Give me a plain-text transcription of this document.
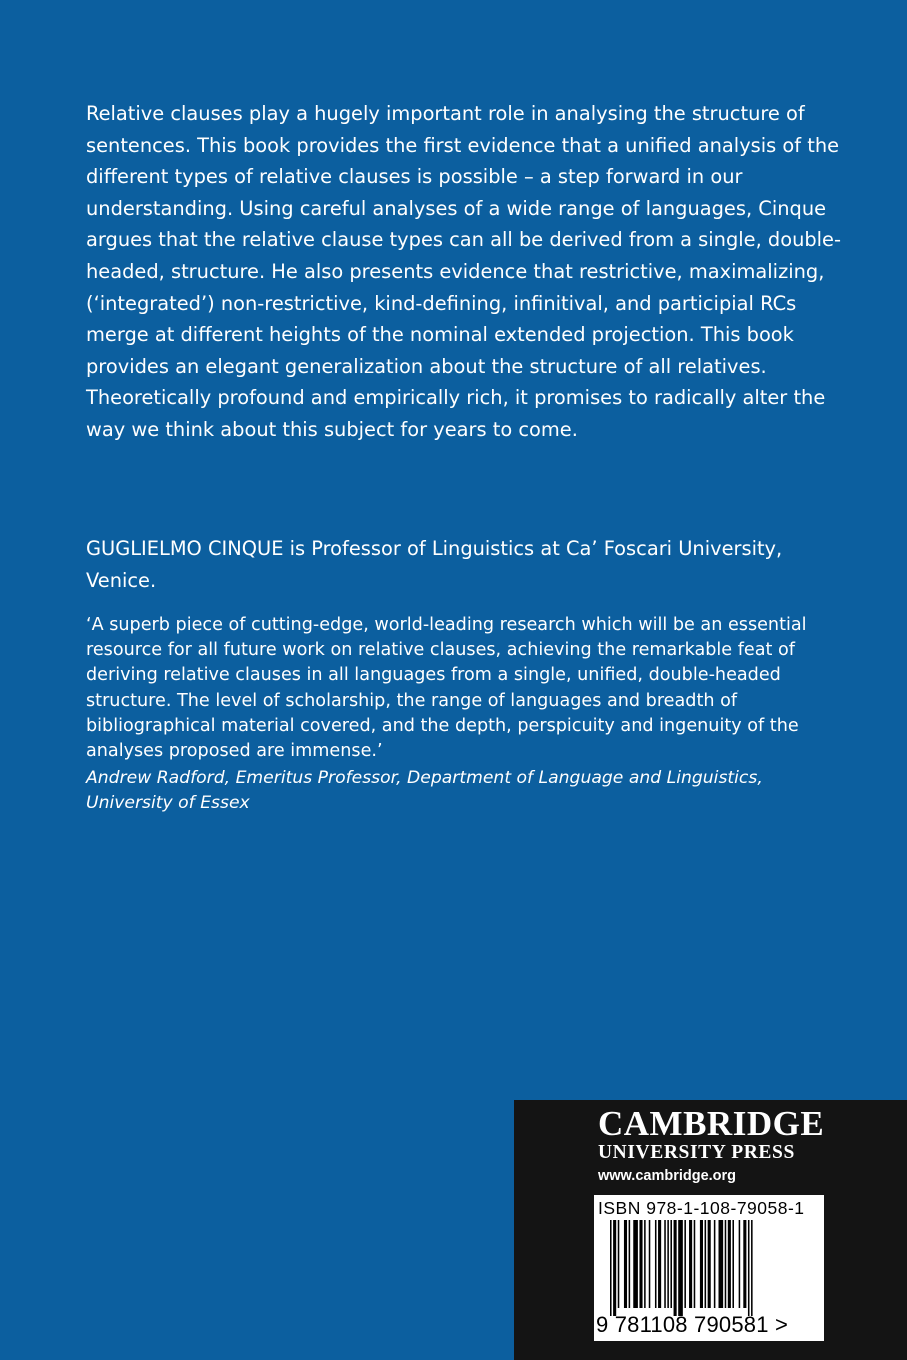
Relative clauses play a hugely important role in analysing the structure of sentences. This book provides the first evidence that a unified analysis of the different types of relative clauses is possible – a step forward in our understanding. Using careful analyses of a wide range of languages, Cinque argues that the relative clause types can all be derived from a single, double-headed, structure. He also presents evidence that restrictive, maximalizing, (‘integrated’) non-restrictive, kind-defining, infinitival, and participial RCs merge at different heights of the nominal extended projection. This book provides an elegant generalization about the structure of all relatives. Theoretically profound and empirically rich, it promises to radically alter the way we think about this subject for years to come.

GUGLIELMO CINQUE is Professor of Linguistics at Ca’ Foscari University, Venice.

‘A superb piece of cutting-edge, world-leading research which will be an essential resource for all future work on relative clauses, achieving the remarkable feat of deriving relative clauses in all languages from a single, unified, double-headed structure. The level of scholarship, the range of languages and breadth of bibliographical material covered, and the depth, perspicuity and ingenuity of the analyses proposed are immense.’

Andrew Radford, Emeritus Professor, Department of Language and Linguistics, University of Essex

CAMBRIDGE
UNIVERSITY PRESS
www.cambridge.org
ISBN 978-1-108-79058-1
9 781108 790581 >
